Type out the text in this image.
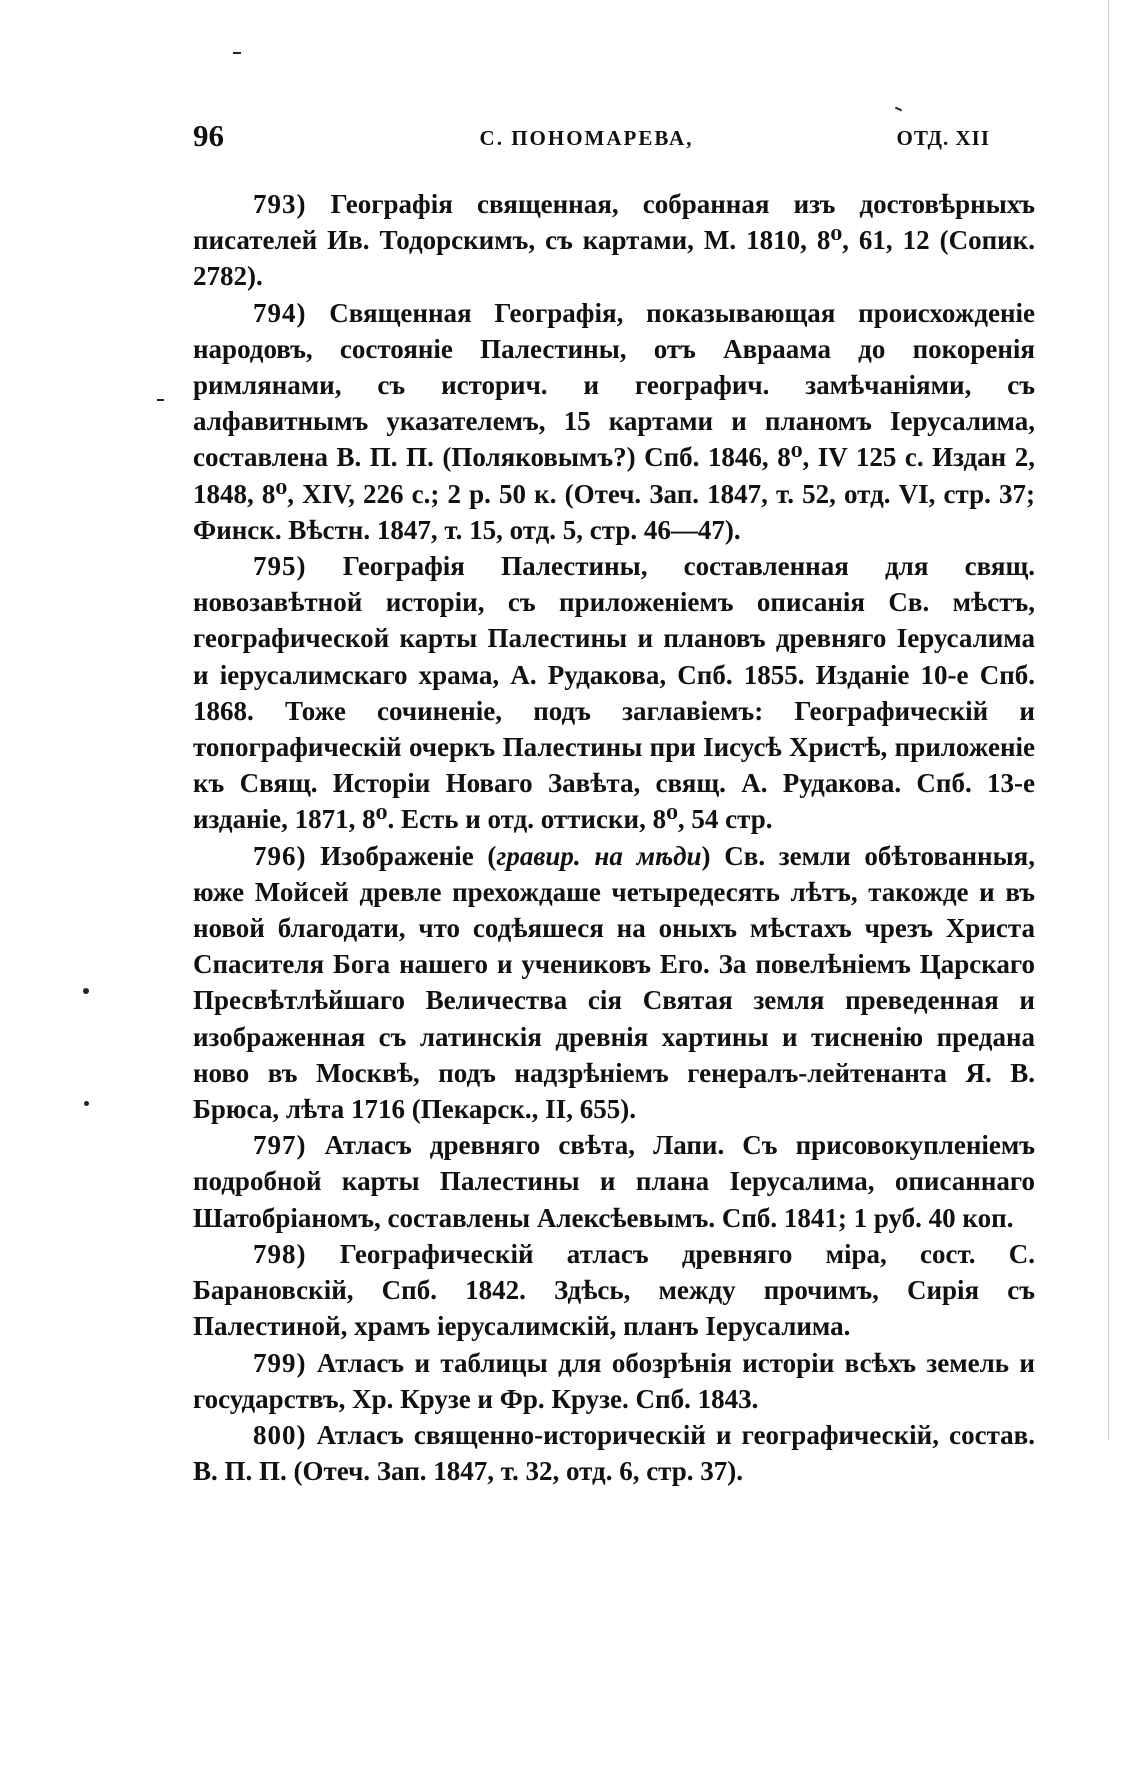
96	С. ПОНОМАРЕВА,	ОТД. XII

793) Географія священная, собранная изъ достовѣрныхъ писателей Ив. Тодорскимъ, съ картами, М. 1810, 8⁰, 61, 12 (Сопик. 2782).

794) Священная Географія, показывающая происхожденіе народовъ, состояніе Палестины, отъ Авраама до покоренія римлянами, съ историч. и географич. замѣчаніями, съ алфавитнымъ указателемъ, 15 картами и планомъ Іерусалима, составлена В. П. П. (Поляковымъ?) Спб. 1846, 8⁰, IV 125 с. Издан 2, 1848, 8⁰, XIV, 226 с.; 2 р. 50 к. (Отеч. Зап. 1847, т. 52, отд. VI, стр. 37; Финск. Вѣстн. 1847, т. 15, отд. 5, стр. 46—47).

795) Географія Палестины, составленная для свящ. новозавѣтной исторіи, съ приложеніемъ описанія Св. мѣстъ, географической карты Палестины и плановъ древняго Іерусалима и іерусалимскаго храма, А. Рудакова, Спб. 1855. Изданіе 10-е Спб. 1868. Тоже сочиненіе, подъ заглавіемъ: Географическій и топографическій очеркъ Палестины при Іисусѣ Христѣ, приложеніе къ Свящ. Исторіи Новаго Завѣта, свящ. А. Рудакова. Спб. 13-е изданіе, 1871, 8⁰. Есть и отд. оттиски, 8⁰, 54 стр.

796) Изображеніе (гравир. на мѣди) Св. земли обѣтованныя, юже Мойсей древле прехождаше четыредесять лѣтъ, такожде и въ новой благодати, что содѣяшеся на оныхъ мѣстахъ чрезъ Христа Спасителя Бога нашего и учениковъ Его. За повелѣніемъ Царскаго Пресвѣтлѣйшаго Величества сія Святая земля преведенная и изображенная съ латинскія древнія хартины и тисненію предана ново въ Москвѣ, подъ надзрѣніемъ генералъ-лейтенанта Я. В. Брюса, лѣта 1716 (Пекарск., II, 655).

797) Атласъ древняго свѣта, Лапи. Съ присовокупленіемъ подробной карты Палестины и плана Іерусалима, описаннаго Шатобріаномъ, составлены Алексѣевымъ. Спб. 1841; 1 руб. 40 коп.

798) Географическій атласъ древняго міра, сост. С. Барановскій, Спб. 1842. Здѣсь, между прочимъ, Сирія съ Палестиной, храмъ іерусалимскій, планъ Іерусалима.

799) Атласъ и таблицы для обозрѣнія исторіи всѣхъ земель и государствъ, Хр. Крузе и Фр. Крузе. Спб. 1843.

800) Атласъ священно-историческій и географическій, состав. В. П. П. (Отеч. Зап. 1847, т. 32, отд. 6, стр. 37).
